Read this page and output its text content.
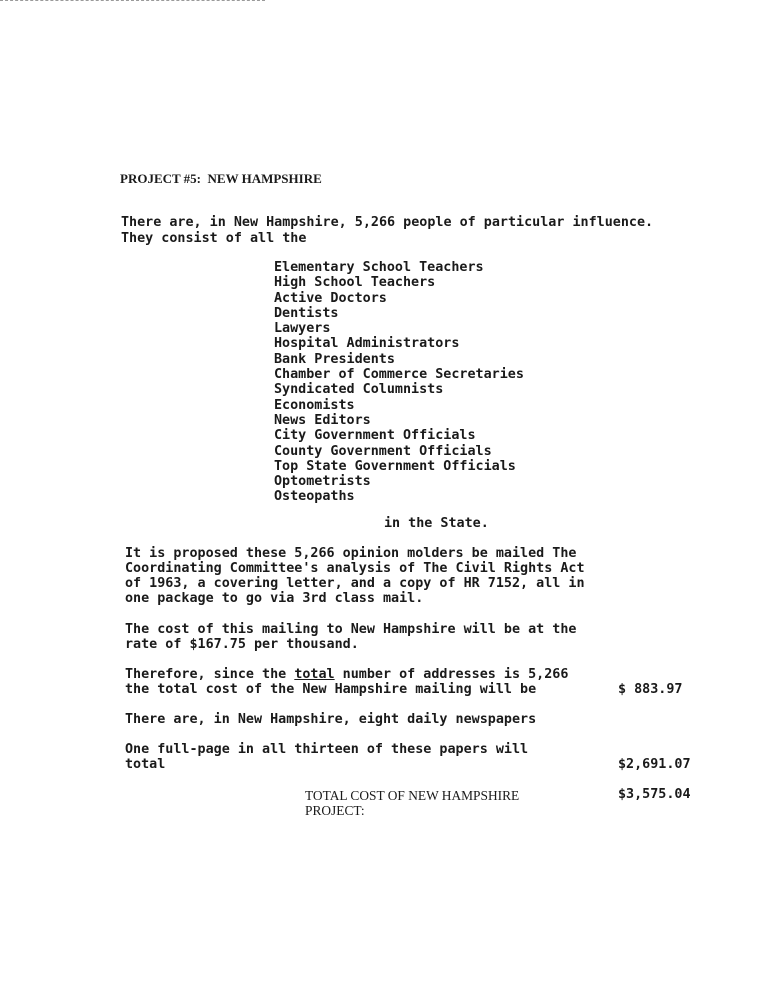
PROJECT #5:  NEW HAMPSHIRE
There are, in New Hampshire, 5,266 people of particular influence.
They consist of all the
Elementary School Teachers
High School Teachers
Active Doctors
Dentists
Lawyers
Hospital Administrators
Bank Presidents
Chamber of Commerce Secretaries
Syndicated Columnists
Economists
News Editors
City Government Officials
County Government Officials
Top State Government Officials
Optometrists
Osteopaths
in the State.
It is proposed these 5,266 opinion molders be mailed The
Coordinating Committee's analysis of The Civil Rights Act
of 1963, a covering letter, and a copy of HR 7152, all in
one package to go via 3rd class mail.
The cost of this mailing to New Hampshire will be at the
rate of $167.75 per thousand.
Therefore, since the total number of addresses is 5,266
the total cost of the New Hampshire mailing will be	$ 883.97
There are, in New Hampshire, eight daily newspapers
One full-page in all thirteen of these papers will
total	$2,691.07
TOTAL COST OF NEW HAMPSHIRE
PROJECT:
$3,575.04
